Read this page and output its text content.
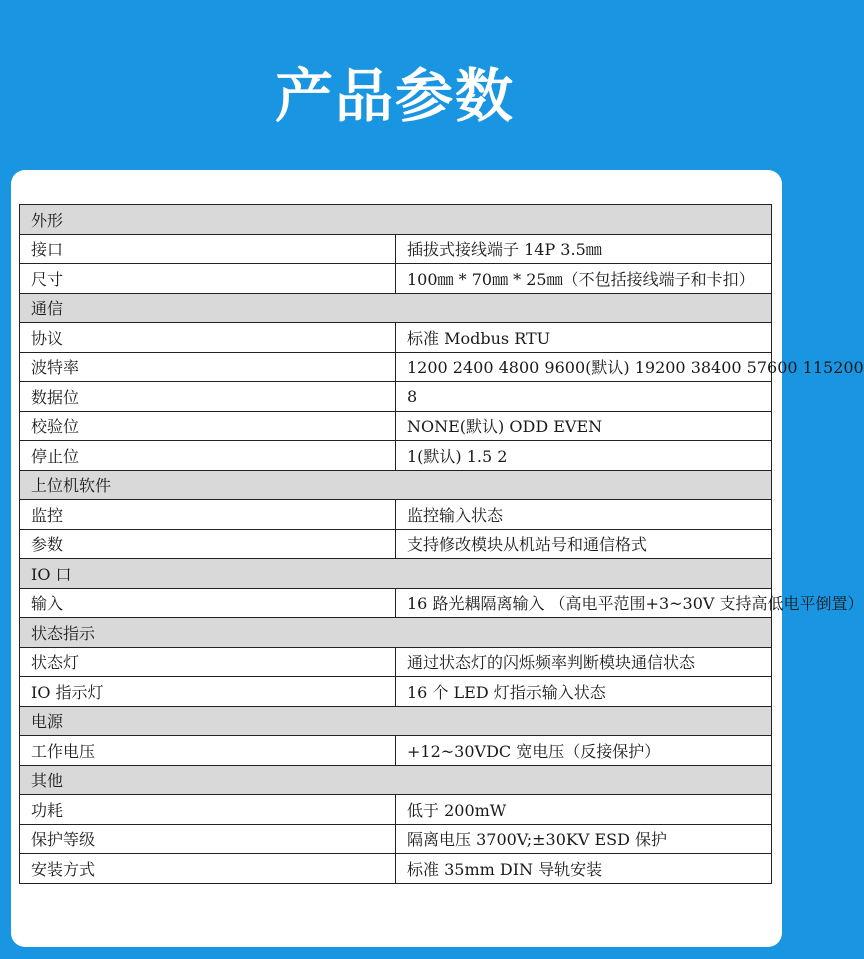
产品参数
外形	
接口	插拔式接线端子 14P 3.5㎜
尺寸	100㎜ * 70㎜ * 25㎜（不包括接线端子和卡扣）
通信	
协议	标准 Modbus RTU
波特率	1200 2400 4800 9600(默认) 19200 38400 57600 115200
数据位	8
校验位	NONE(默认) ODD EVEN
停止位	1(默认) 1.5 2
上位机软件	
监控	监控输入状态
参数	支持修改模块从机站号和通信格式
IO 口	
输入	16 路光耦隔离输入 （高电平范围+3~30V 支持高低电平倒置）
状态指示	
状态灯	通过状态灯的闪烁频率判断模块通信状态
IO 指示灯	16 个 LED 灯指示输入状态
电源	
工作电压	+12~30VDC 宽电压（反接保护）
其他	
功耗	低于 200mW
保护等级	隔离电压 3700V;±30KV ESD 保护
安装方式	标准 35mm DIN 导轨安装
